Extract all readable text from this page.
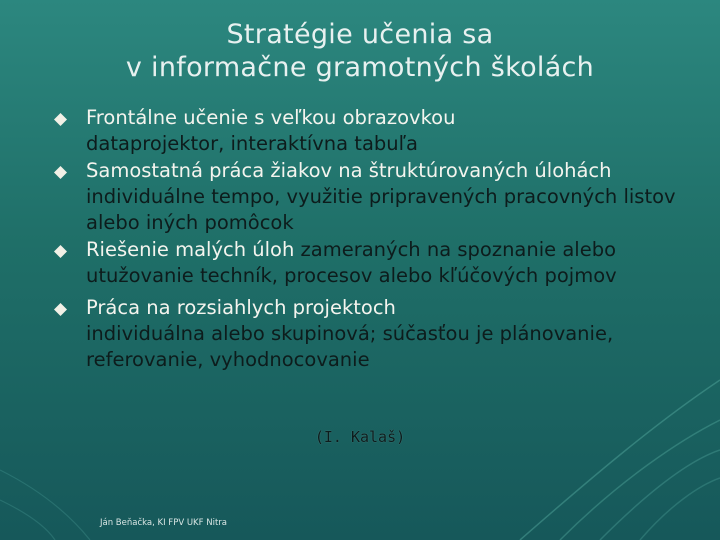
Stratégie učenia sa
v informačne gramotných školách
Frontálne učenie s veľkou obrazovkou
dataprojektor, interaktívna tabuľa
Samostatná práca žiakov na štruktúrovaných úlohách
individuálne tempo, využitie pripravených pracovných listov alebo iných pomôcok
Riešenie malých úloh zameraných na spoznanie alebo utužovanie techník, procesov alebo kľúčových pojmov
Práca na rozsiahlych projektoch
individuálna alebo skupinová; súčasťou je plánovanie, referovanie, vyhodnocovanie
(I. Kalaš)
Ján Beňačka, KI FPV UKF Nitra
